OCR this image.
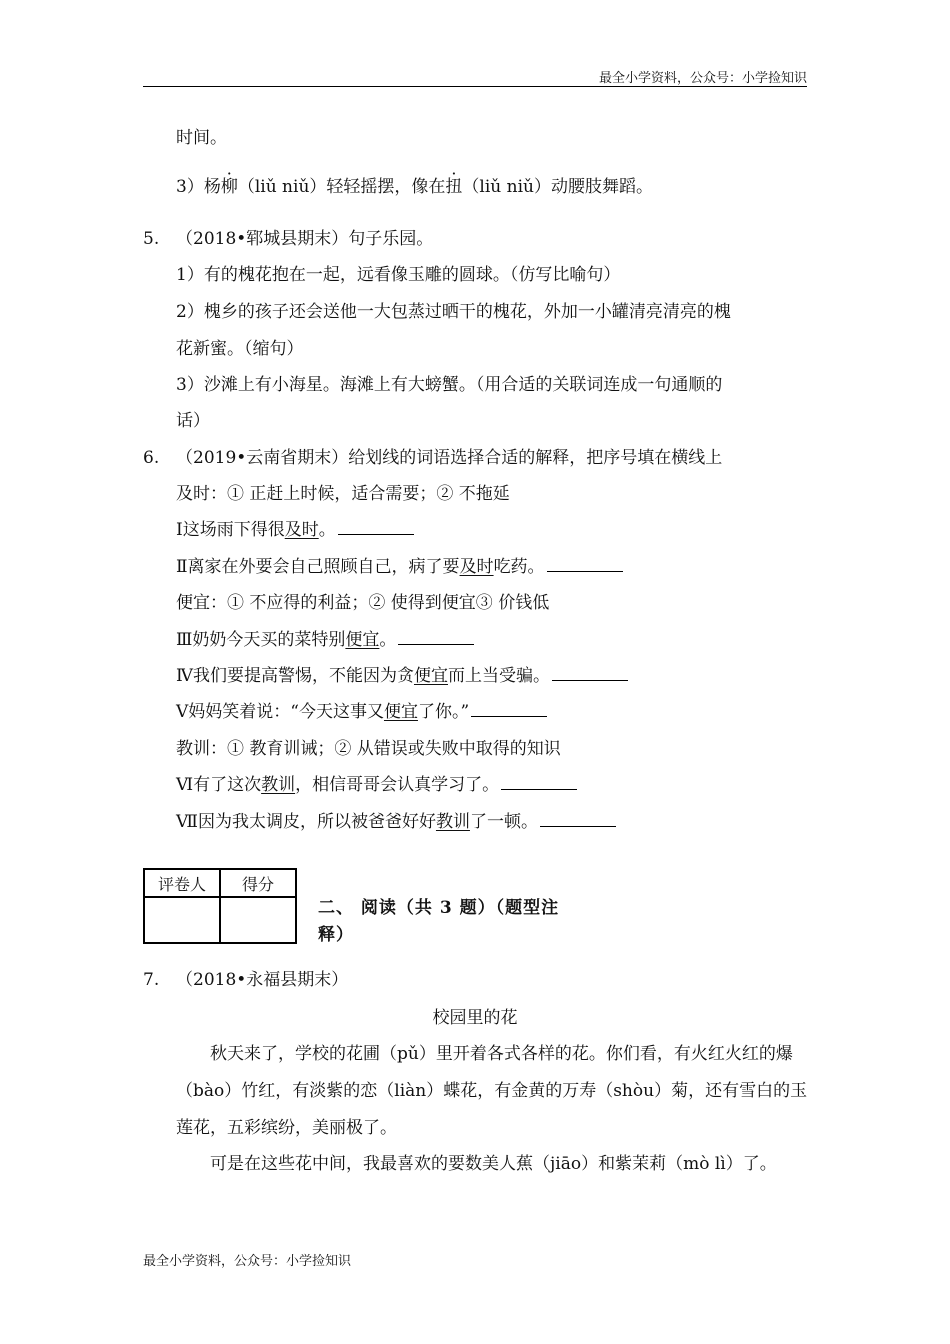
最全小学资料，公众号：小学捡知识
时间。
3）杨柳（liǔ niǔ）轻轻摇摆，像在扭（liǔ niǔ）动腰肢舞蹈。
5. （2018•郓城县期末）句子乐园。
1）有的槐花抱在一起，远看像玉雕的圆球。（仿写比喻句）
2）槐乡的孩子还会送他一大包蒸过晒干的槐花，外加一小罐清亮清亮的槐
花新蜜。（缩句）
3）沙滩上有小海星。海滩上有大螃蟹。（用合适的关联词连成一句通顺的
话）
6. （2019•云南省期末）给划线的词语选择合适的解释，把序号填在横线上
及时：① 正赶上时候，适合需要；② 不拖延
Ⅰ这场雨下得很及时。
Ⅱ离家在外要会自己照顾自己，病了要及时吃药。
便宜：① 不应得的利益；② 使得到便宜③ 价钱低
Ⅲ奶奶今天买的菜特别便宜。
Ⅳ我们要提高警惕，不能因为贪便宜而上当受骗。
Ⅴ妈妈笑着说：“今天这事又便宜了你。”
教训：① 教育训诫；② 从错误或失败中取得的知识
Ⅵ有了这次教训，相信哥哥会认真学习了。
Ⅶ因为我太调皮，所以被爸爸好好教训了一顿。
评卷人	得分

二、 阅读（共 3 题）（题型注
释）
7. （2018•永福县期末）
校园里的花
秋天来了，学校的花圃（pǔ）里开着各式各样的花。你们看，有火红火红的爆（bào）竹红，有淡紫的恋（liàn）蝶花，有金黄的万寿（shòu）菊，还有雪白的玉莲花，五彩缤纷，美丽极了。
可是在这些花中间，我最喜欢的要数美人蕉（jiāo）和紫茉莉（mò lì）了。
最全小学资料，公众号：小学捡知识
